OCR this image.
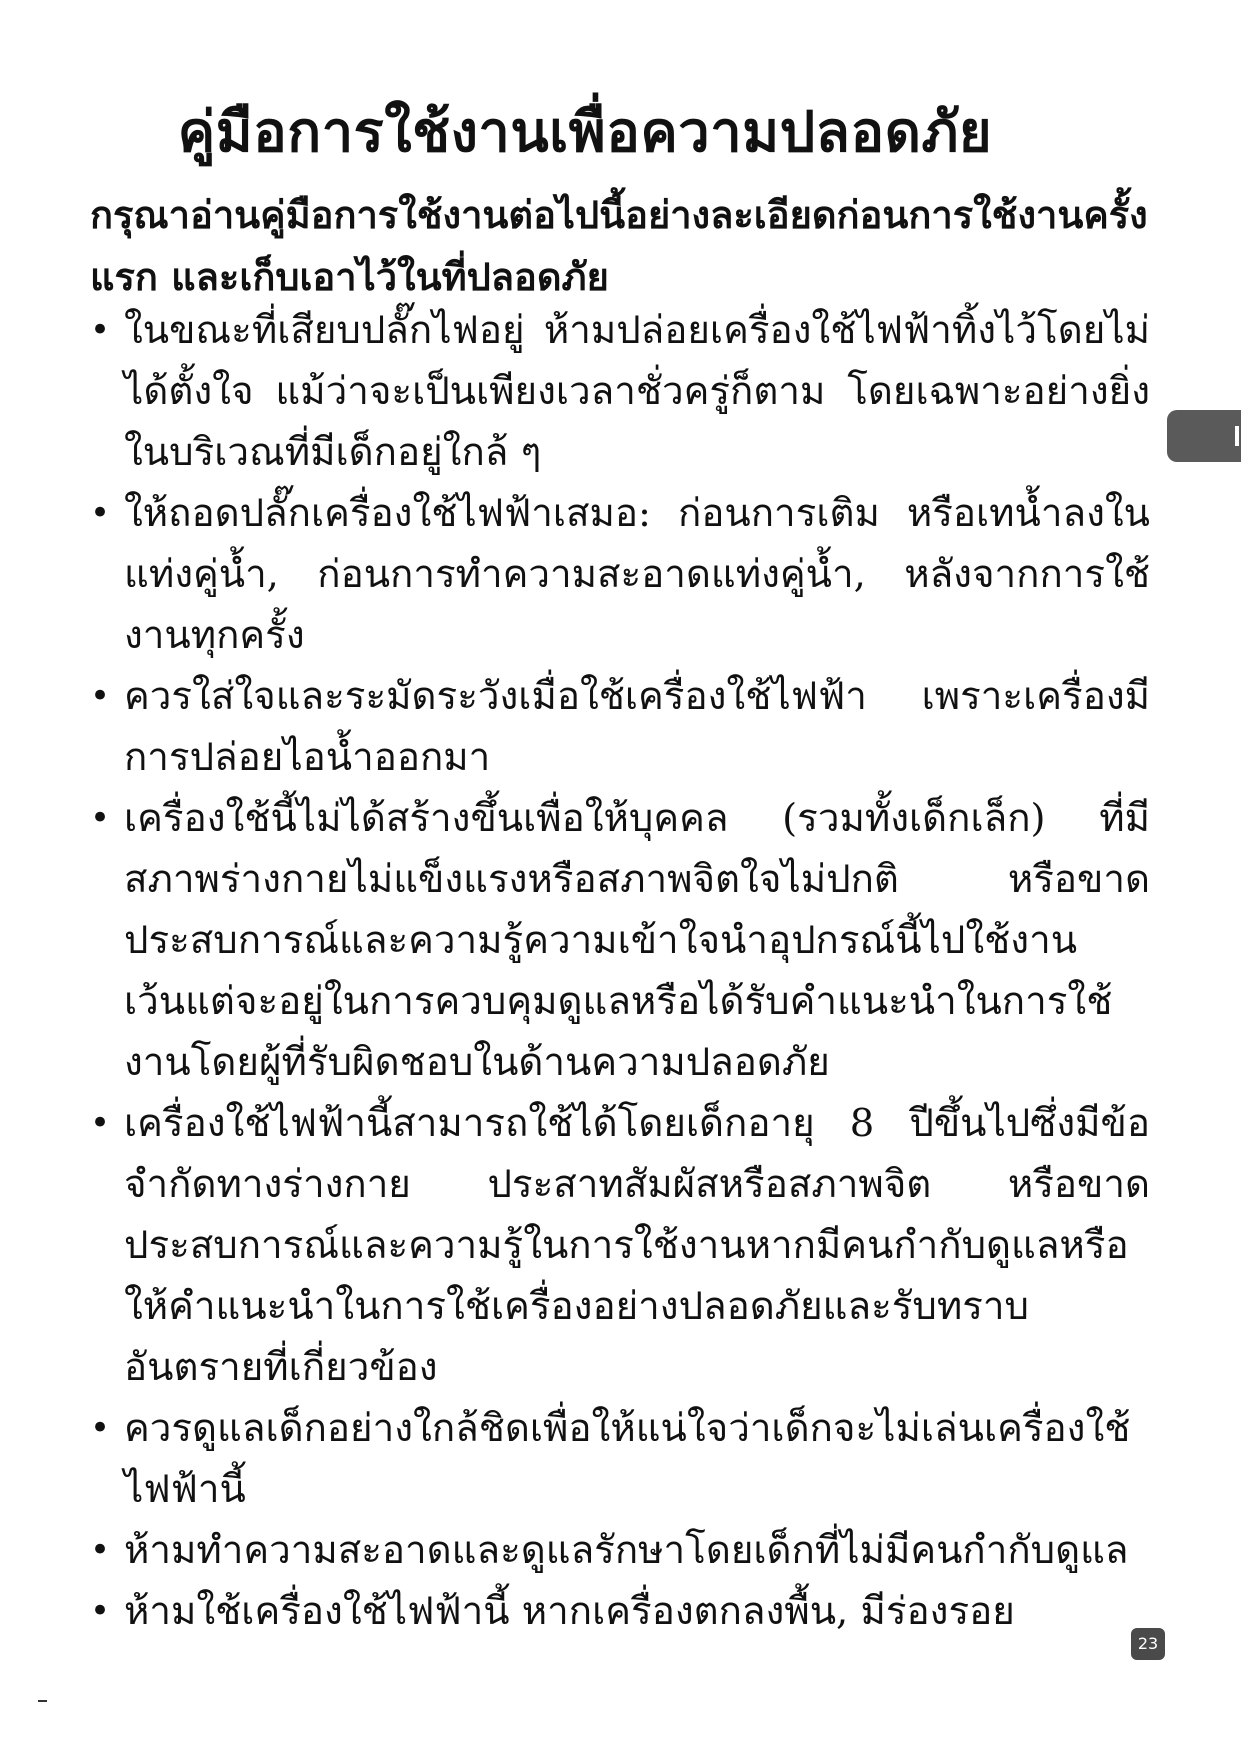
คู่มือการใช้งานเพื่อความปลอดภัย

กรุณาอ่านคู่มือการใช้งานต่อไปนี้อย่างละเอียดก่อนการใช้งานครั้งแรก และเก็บเอาไว้ในที่ปลอดภัย

• ในขณะที่เสียบปลั๊กไฟอยู่ ห้ามปล่อยเครื่องใช้ไฟฟ้าทิ้งไว้โดยไม่ได้ตั้งใจ แม้ว่าจะเป็นเพียงเวลาชั่วครู่ก็ตาม โดยเฉพาะอย่างยิ่งในบริเวณที่มีเด็กอยู่ใกล้ ๆ
• ให้ถอดปลั๊กเครื่องใช้ไฟฟ้าเสมอ: ก่อนการเติม หรือเทน้ำลงในแท่งคู่น้ำ, ก่อนการทำความสะอาดแท่งคู่น้ำ, หลังจากการใช้งานทุกครั้ง
• ควรใส่ใจและระมัดระวังเมื่อใช้เครื่องใช้ไฟฟ้า เพราะเครื่องมีการปล่อยไอน้ำออกมา
• เครื่องใช้นี้ไม่ได้สร้างขึ้นเพื่อให้บุคคล (รวมทั้งเด็กเล็ก) ที่มีสภาพร่างกายไม่แข็งแรงหรือสภาพจิตใจไม่ปกติ หรือขาดประสบการณ์และความรู้ความเข้าใจนำอุปกรณ์นี้ไปใช้งาน เว้นแต่จะอยู่ในการควบคุมดูแลหรือได้รับคำแนะนำในการใช้งานโดยผู้ที่รับผิดชอบในด้านความปลอดภัย
• เครื่องใช้ไฟฟ้านี้สามารถใช้ได้โดยเด็กอายุ 8 ปีขึ้นไปซึ่งมีข้อจำกัดทางร่างกาย ประสาทสัมผัสหรือสภาพจิต หรือขาดประสบการณ์และความรู้ในการใช้งานหากมีคนกำกับดูแลหรือให้คำแนะนำในการใช้เครื่องอย่างปลอดภัยและรับทราบอันตรายที่เกี่ยวข้อง
• ควรดูแลเด็กอย่างใกล้ชิดเพื่อให้แน่ใจว่าเด็กจะไม่เล่นเครื่องใช้ไฟฟ้านี้
• ห้ามทำความสะอาดและดูแลรักษาโดยเด็กที่ไม่มีคนกำกับดูแล
• ห้ามใช้เครื่องใช้ไฟฟ้านี้ หากเครื่องตกลงพื้น, มีร่องรอย
23
